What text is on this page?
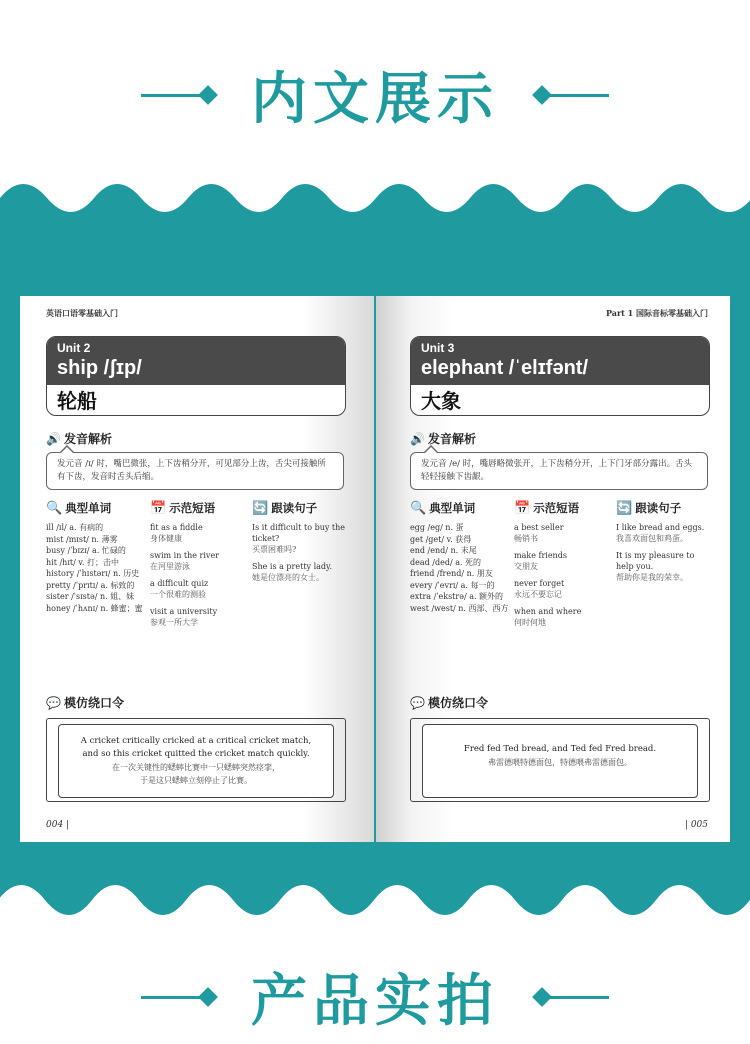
内文展示
英语口语零基础入门
Unit 2
ship /ʃɪp/
轮船
🔊 发音解析
发元音 /ɪ/ 时，嘴巴微张，上下齿稍分开，可见部分上齿，舌尖可接触所有下齿，发音时舌头后缩。
🔍 典型单词
ill /ɪl/ a. 有病的
mist /mɪst/ n. 薄雾
busy /ˈbɪzɪ/ a. 忙碌的
hit /hɪt/ v. 打；击中
history /ˈhɪstərɪ/ n. 历史
pretty /ˈprɪtɪ/ a. 标致的
sister /ˈsɪstə/ n. 姐、妹
honey /ˈhʌnɪ/ n. 蜂蜜；蜜
📅 示范短语
fit as a fiddle
身体健康
swim in the river
在河里游泳
a difficult quiz
一个很难的测验
visit a university
参观一所大学
🔄 跟读句子
Is it difficult to buy the ticket?
买票困难吗?
She is a pretty lady.
她是位漂亮的女士。
💬 模仿绕口令
A cricket critically cricked at a critical cricket match,
and so this cricket quitted the cricket match quickly.
在一次关键性的蟋蟀比赛中一只蟋蟀突然痉挛，
于是这只蟋蟀立刻停止了比赛。
004 |
Part 1 国际音标零基础入门
Unit 3
elephant /ˈelɪfənt/
大象
🔊 发音解析
发元音 /e/ 时，嘴唇略微张开，上下齿稍分开，上下门牙部分露出。舌头轻轻接触下齿龈。
🔍 典型单词
egg /eg/ n. 蛋
get /get/ v. 获得
end /end/ n. 末尾
dead /ded/ a. 死的
friend /frend/ n. 朋友
every /ˈevrɪ/ a. 每一的
extra /ˈekstrə/ a. 额外的
west /west/ n. 西部、西方
📅 示范短语
a best seller
畅销书
make friends
交朋友
never forget
永远不要忘记
when and where
何时何地
🔄 跟读句子
I like bread and eggs.
我喜欢面包和鸡蛋。
It is my pleasure to help you.
帮助你是我的荣幸。
💬 模仿绕口令
Fred fed Ted bread, and Ted fed Fred bread.
弗雷德喂特德面包，特德喂弗雷德面包。
| 005
产品实拍
